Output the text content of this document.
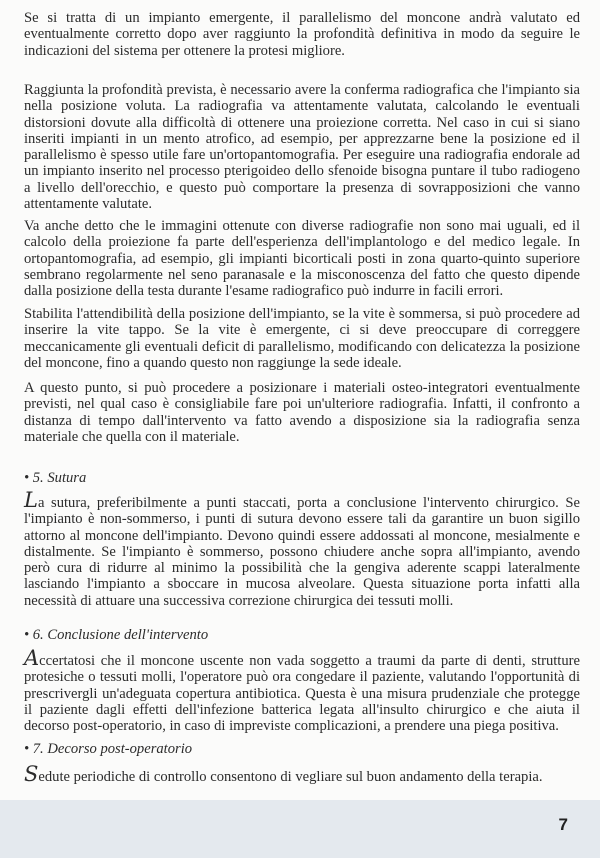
Se si tratta di un impianto emergente, il parallelismo del moncone andrà valutato ed eventualmente corretto dopo aver raggiunto la profondità definitiva in modo da seguire le indicazioni del sistema per ottenere la protesi migliore.
Raggiunta la profondità prevista, è necessario avere la conferma radiografica che l'impianto sia nella posizione voluta. La radiografia va attentamente valutata, calcolando le eventuali distorsioni dovute alla difficoltà di ottenere una proiezione corretta. Nel caso in cui si siano inseriti impianti in un mento atrofico, ad esempio, per apprezzarne bene la posizione ed il parallelismo è spesso utile fare un'ortopantomografia. Per eseguire una radiografia endorale ad un impianto inserito nel processo pterigoideo dello sfenoide bisogna puntare il tubo radiogeno a livello dell'orecchio, e questo può comportare la presenza di sovrapposizioni che vanno attentamente valutate.
Va anche detto che le immagini ottenute con diverse radiografie non sono mai uguali, ed il calcolo della proiezione fa parte dell'esperienza dell'implantologo e del medico legale. In ortopantomografia, ad esempio, gli impianti bicorticali posti in zona quarto-quinto superiore sembrano regolarmente nel seno paranasale e la misconoscenza del fatto che questo dipende dalla posizione della testa durante l'esame radiografico può indurre in facili errori.
Stabilita l'attendibilità della posizione dell'impianto, se la vite è sommersa, si può procedere ad inserire la vite tappo. Se la vite è emergente, ci si deve preoccupare di correggere meccanicamente gli eventuali deficit di parallelismo, modificando con delicatezza la posizione del moncone, fino a quando questo non raggiunge la sede ideale.
A questo punto, si può procedere a posizionare i materiali osteo-integratori eventualmente previsti, nel qual caso è consigliabile fare poi un'ulteriore radiografia. Infatti, il confronto a distanza di tempo dall'intervento va fatto avendo a disposizione sia la radiografia senza materiale che quella con il materiale.
• 5. Sutura
La sutura, preferibilmente a punti staccati, porta a conclusione l'intervento chirurgico. Se l'impianto è non-sommerso, i punti di sutura devono essere tali da garantire un buon sigillo attorno al moncone dell'impianto. Devono quindi essere addossati al moncone, mesialmente e distalmente. Se l'impianto è sommerso, possono chiudere anche sopra all'impianto, avendo però cura di ridurre al minimo la possibilità che la gengiva aderente scappi lateralmente lasciando l'impianto a sboccare in mucosa alveolare. Questa situazione porta infatti alla necessità di attuare una successiva correzione chirurgica dei tessuti molli.
• 6. Conclusione dell'intervento
Accertatosi che il moncone uscente non vada soggetto a traumi da parte di denti, strutture protesiche o tessuti molli, l'operatore può ora congedare il paziente, valutando l'opportunità di prescrivergli un'adeguata copertura antibiotica. Questa è una misura prudenziale che protegge il paziente dagli effetti dell'infezione batterica legata all'insulto chirurgico e che aiuta il decorso post-operatorio, in caso di impreviste complicazioni, a prendere una piega positiva.
• 7. Decorso post-operatorio
Sedute periodiche di controllo consentono di vegliare sul buon andamento della terapia.
7
